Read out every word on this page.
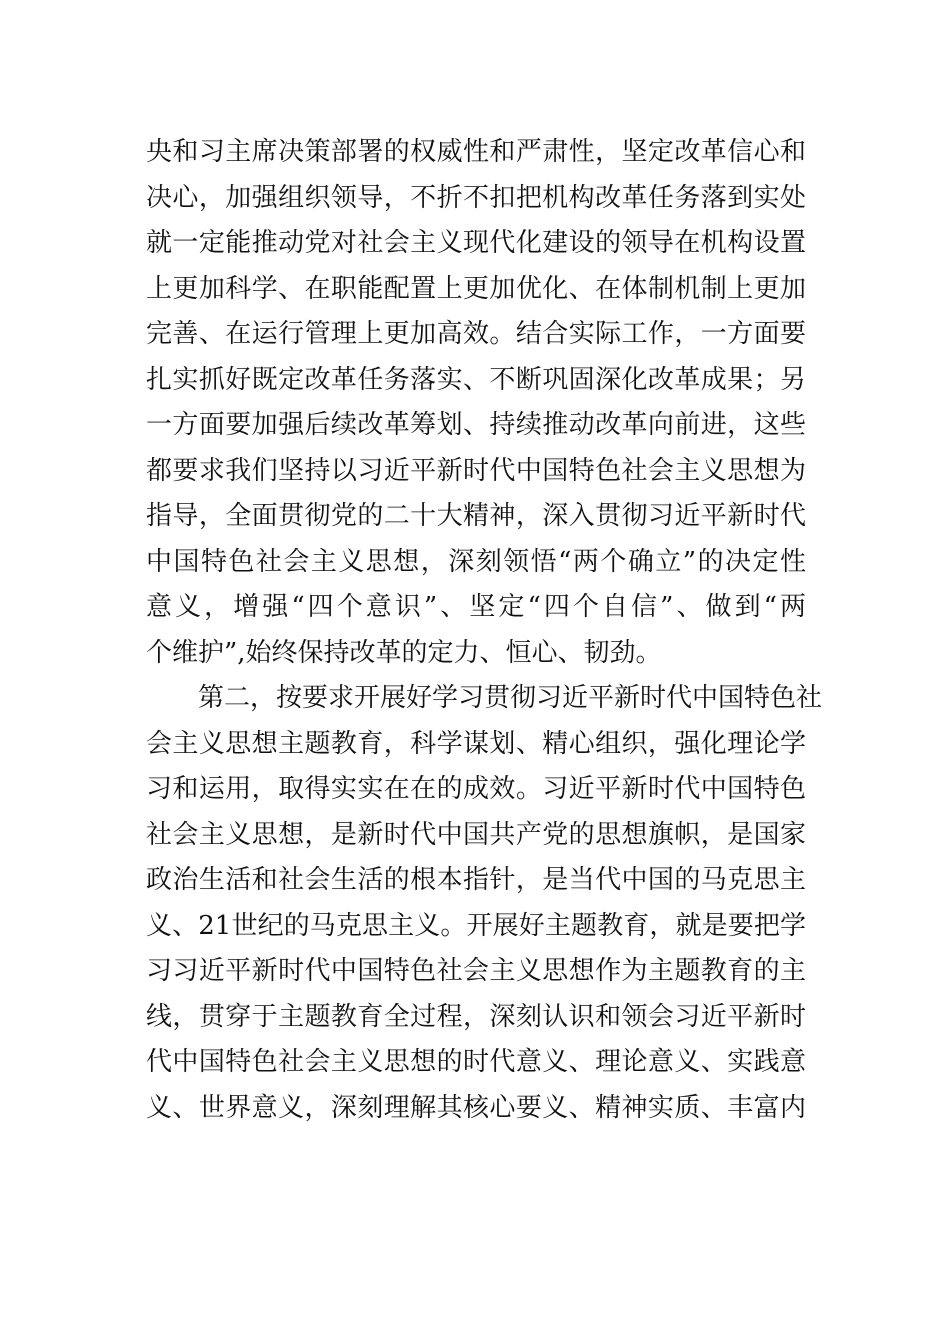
央和习主席决策部署的权威性和严肃性，坚定改革信心和
决心，加强组织领导，不折不扣把机构改革任务落到实处
就一定能推动党对社会主义现代化建设的领导在机构设置
上更加科学、在职能配置上更加优化、在体制机制上更加
完善、在运行管理上更加高效。结合实际工作，一方面要
扎实抓好既定改革任务落实、不断巩固深化改革成果；另
一方面要加强后续改革筹划、持续推动改革向前进，这些
都要求我们坚持以习近平新时代中国特色社会主义思想为
指导，全面贯彻党的二十大精神，深入贯彻习近平新时代
中国特色社会主义思想，深刻领悟“两个确立”的决定性
意义，增强“四个意识”、坚定“四个自信”、做到“两
个维护”,始终保持改革的定力、恒心、韧劲。
第二，按要求开展好学习贯彻习近平新时代中国特色社
会主义思想主题教育，科学谋划、精心组织，强化理论学
习和运用，取得实实在在的成效。习近平新时代中国特色
社会主义思想，是新时代中国共产党的思想旗帜，是国家
政治生活和社会生活的根本指针，是当代中国的马克思主
义、21世纪的马克思主义。开展好主题教育，就是要把学
习习近平新时代中国特色社会主义思想作为主题教育的主
线，贯穿于主题教育全过程，深刻认识和领会习近平新时
代中国特色社会主义思想的时代意义、理论意义、实践意
义、世界意义，深刻理解其核心要义、精神实质、丰富内
